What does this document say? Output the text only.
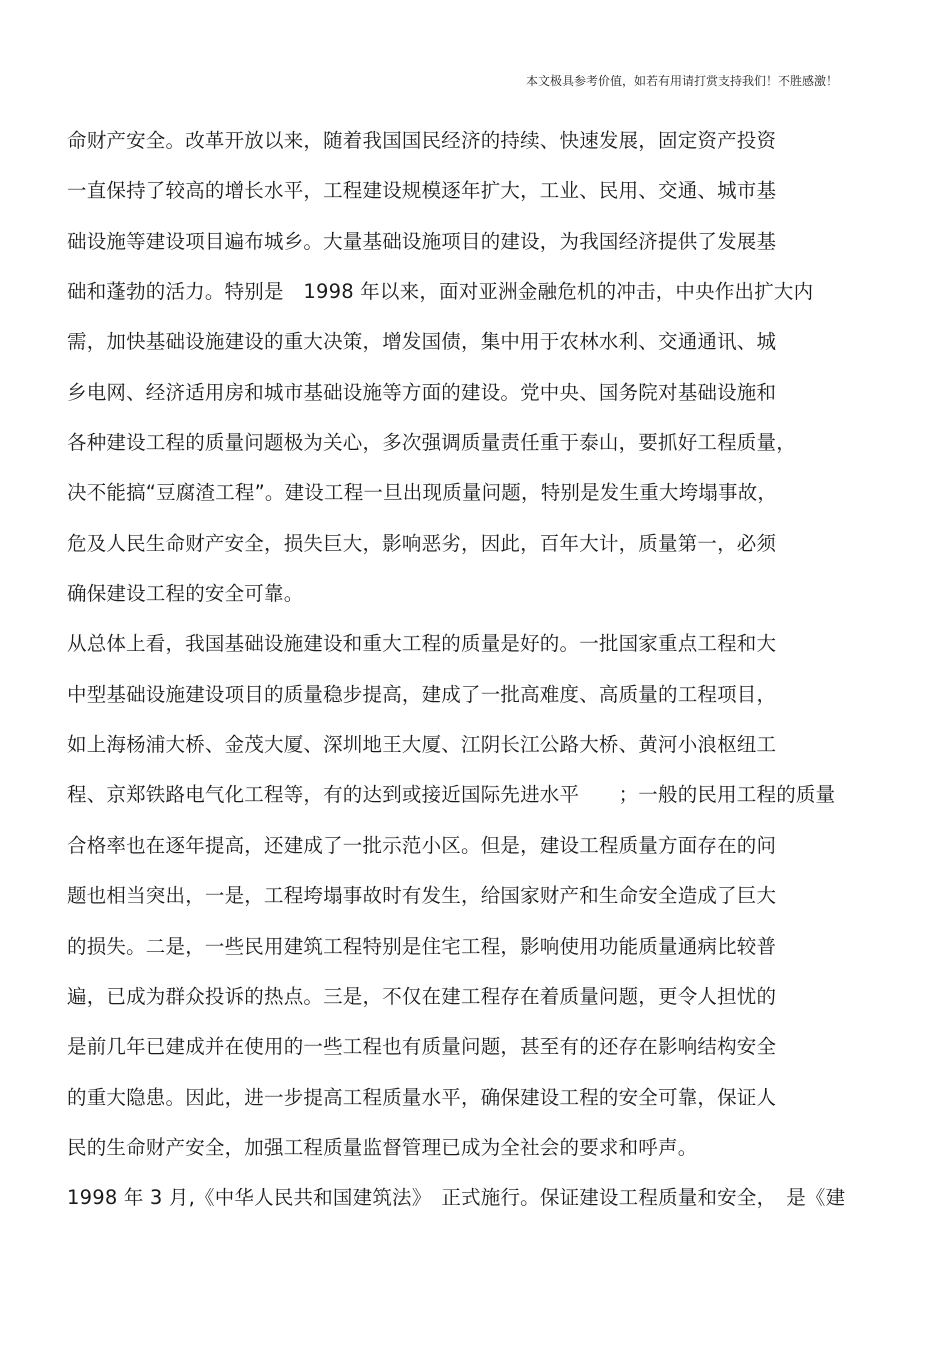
本文极具参考价值，如若有用请打赏支持我们！不胜感激！
命财产安全。改革开放以来，随着我国国民经济的持续、快速发展，固定资产投资
一直保持了较高的增长水平，工程建设规模逐年扩大，工业、民用、交通、城市基
础设施等建设项目遍布城乡。大量基础设施项目的建设，为我国经济提供了发展基
础和蓬勃的活力。特别是　1998 年以来，面对亚洲金融危机的冲击，中央作出扩大内
需，加快基础设施建设的重大决策，增发国债，集中用于农林水利、交通通讯、城
乡电网、经济适用房和城市基础设施等方面的建设。党中央、国务院对基础设施和
各种建设工程的质量问题极为关心，多次强调质量责任重于泰山，要抓好工程质量，
决不能搞“豆腐渣工程”。建设工程一旦出现质量问题，特别是发生重大垮塌事故，
危及人民生命财产安全，损失巨大，影响恶劣，因此，百年大计，质量第一，必须
确保建设工程的安全可靠。
从总体上看，我国基础设施建设和重大工程的质量是好的。一批国家重点工程和大
中型基础设施建设项目的质量稳步提高，建成了一批高难度、高质量的工程项目，
如上海杨浦大桥、金茂大厦、深圳地王大厦、江阴长江公路大桥、黄河小浪枢纽工
程、京郑铁路电气化工程等，有的达到或接近国际先进水平　　；一般的民用工程的质量
合格率也在逐年提高，还建成了一批示范小区。但是，建设工程质量方面存在的问
题也相当突出，一是，工程垮塌事故时有发生，给国家财产和生命安全造成了巨大
的损失。二是，一些民用建筑工程特别是住宅工程，影响使用功能质量通病比较普
遍，已成为群众投诉的热点。三是，不仅在建工程存在着质量问题，更令人担忧的
是前几年已建成并在使用的一些工程也有质量问题，甚至有的还存在影响结构安全
的重大隐患。因此，进一步提高工程质量水平，确保建设工程的安全可靠，保证人
民的生命财产安全，加强工程质量监督管理已成为全社会的要求和呼声。
1998 年 3 月,《中华人民共和国建筑法》　正式施行。保证建设工程质量和安全，　是《建
